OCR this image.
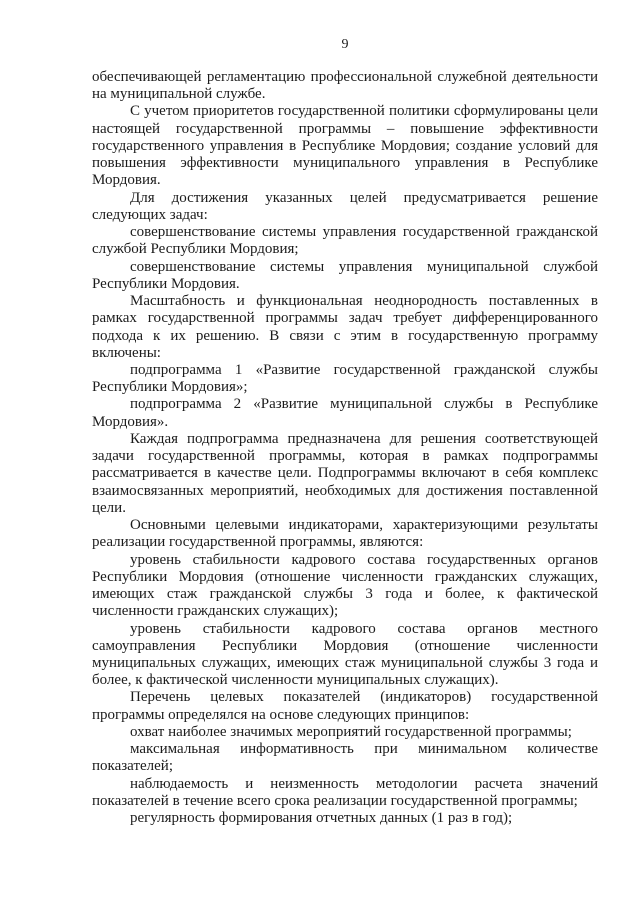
9

обеспечивающей регламентацию профессиональной служебной деятельности на муниципальной службе.

С учетом приоритетов государственной политики сформулированы цели настоящей государственной программы – повышение эффективности государственного управления в Республике Мордовия; создание условий для повышения эффективности муниципального управления в Республике Мордовия.

Для достижения указанных целей предусматривается решение следующих задач:

совершенствование системы управления государственной гражданской службой Республики Мордовия;

совершенствование системы управления муниципальной службой Республики Мордовия.

Масштабность и функциональная неоднородность поставленных в рамках государственной программы задач требует дифференцированного подхода к их решению. В связи с этим в государственную программу включены:

подпрограмма 1 «Развитие государственной гражданской службы Республики Мордовия»;

подпрограмма 2 «Развитие муниципальной службы в Республике Мордовия».

Каждая подпрограмма предназначена для решения соответствующей задачи государственной программы, которая в рамках подпрограммы рассматривается в качестве цели. Подпрограммы включают в себя комплекс взаимосвязанных мероприятий, необходимых для достижения поставленной цели.

Основными целевыми индикаторами, характеризующими результаты реализации государственной программы, являются:

уровень стабильности кадрового состава государственных органов Республики Мордовия (отношение численности гражданских служащих, имеющих стаж гражданской службы 3 года и более, к фактической численности гражданских служащих);

уровень стабильности кадрового состава органов местного самоуправления Республики Мордовия (отношение численности муниципальных служащих, имеющих стаж муниципальной службы 3 года и более, к фактической численности муниципальных служащих).

Перечень целевых показателей (индикаторов) государственной программы определялся на основе следующих принципов:

охват наиболее значимых мероприятий государственной программы;

максимальная информативность при минимальном количестве показателей;

наблюдаемость и неизменность методологии расчета значений показателей в течение всего срока реализации государственной программы;

регулярность формирования отчетных данных (1 раз в год);
